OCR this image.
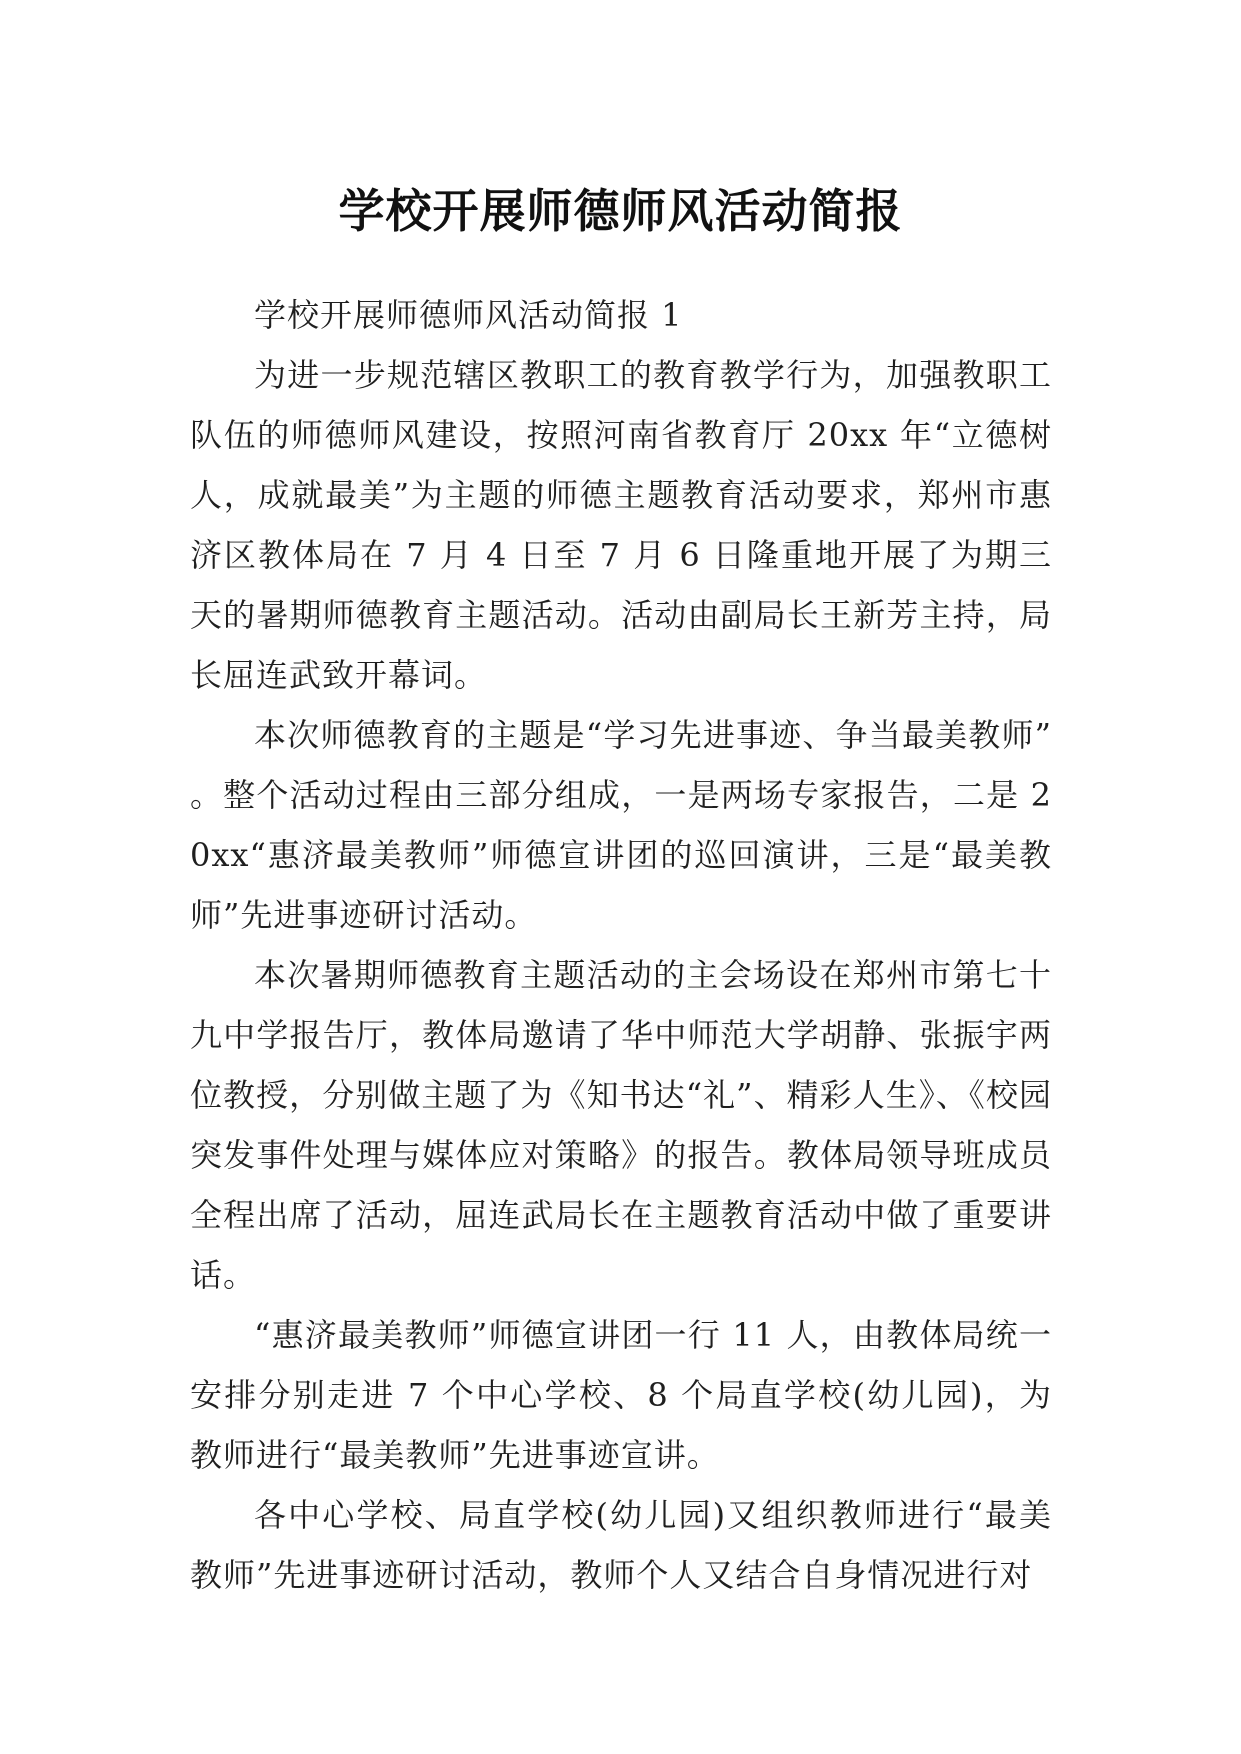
学校开展师德师风活动简报

学校开展师德师风活动简报 1

为进一步规范辖区教职工的教育教学行为，加强教职工队伍的师德师风建设，按照河南省教育厅 20xx 年“立德树人，成就最美”为主题的师德主题教育活动要求，郑州市惠济区教体局在 7 月 4 日至 7 月 6 日隆重地开展了为期三天的暑期师德教育主题活动。活动由副局长王新芳主持，局长屈连武致开幕词。

本次师德教育的主题是“学习先进事迹、争当最美教师”。整个活动过程由三部分组成，一是两场专家报告，二是 20xx“惠济最美教师”师德宣讲团的巡回演讲，三是“最美教师”先进事迹研讨活动。

本次暑期师德教育主题活动的主会场设在郑州市第七十九中学报告厅，教体局邀请了华中师范大学胡静、张振宇两位教授，分别做主题了为《知书达“礼”、精彩人生》、《校园突发事件处理与媒体应对策略》的报告。教体局领导班成员全程出席了活动，屈连武局长在主题教育活动中做了重要讲话。

“惠济最美教师”师德宣讲团一行 11 人，由教体局统一安排分别走进 7 个中心学校、8 个局直学校(幼儿园)，为教师进行“最美教师”先进事迹宣讲。

各中心学校、局直学校(幼儿园)又组织教师进行“最美教师”先进事迹研讨活动，教师个人又结合自身情况进行对
